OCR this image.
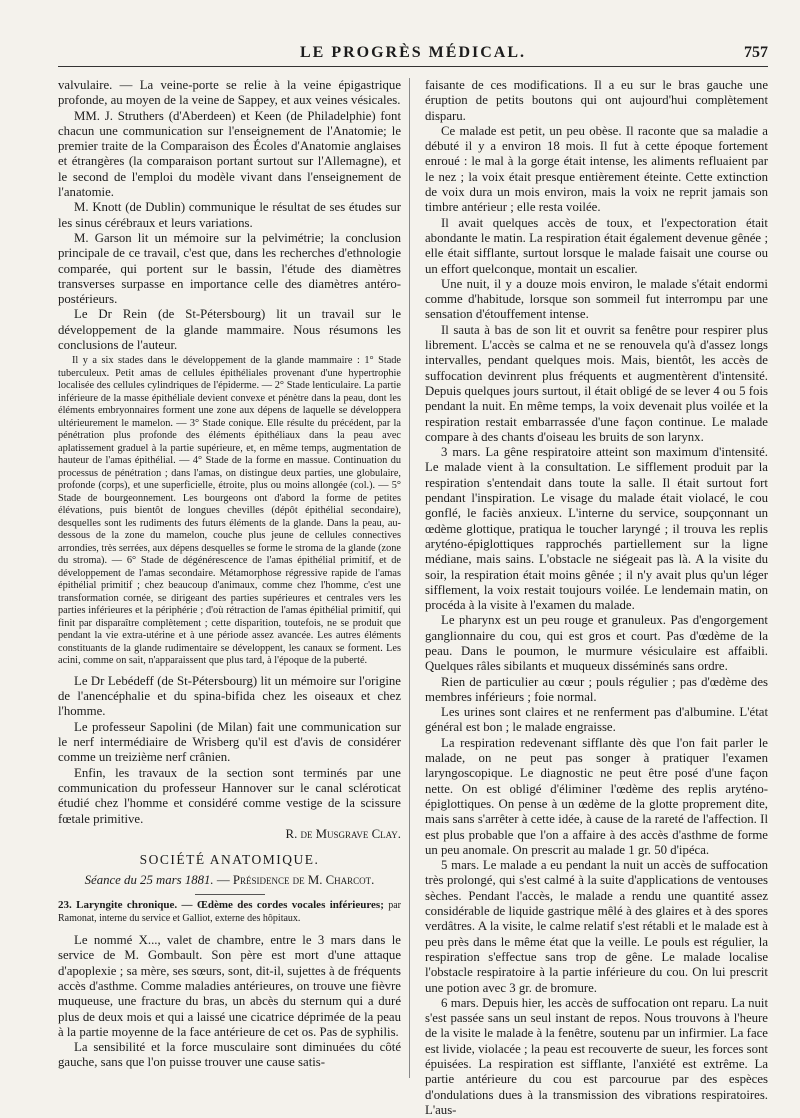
LE PROGRÈS MÉDICAL.	757

valvulaire. — La veine-porte se relie à la veine épigastrique profonde, au moyen de la veine de Sappey, et aux veines vésicales.

MM. J. Struthers (d'Aberdeen) et Keen (de Philadelphie) font chacun une communication sur l'enseignement de l'Anatomie; le premier traite de la Comparaison des Écoles d'Anatomie anglaises et étrangères (la comparaison portant surtout sur l'Allemagne), et le second de l'emploi du modèle vivant dans l'enseignement de l'anatomie.

M. Knott (de Dublin) communique le résultat de ses études sur les sinus cérébraux et leurs variations.

M. Garson lit un mémoire sur la pelvimétrie; la conclusion principale de ce travail, c'est que, dans les recherches d'ethnologie comparée, qui portent sur le bassin, l'étude des diamètres transverses surpasse en importance celle des diamètres antéro-postérieurs.

Le Dr Rein (de St-Pétersbourg) lit un travail sur le développement de la glande mammaire. Nous résumons les conclusions de l'auteur.

Il y a six stades dans le développement de la glande mammaire : 1° Stade tuberculeux. Petit amas de cellules épithéliales provenant d'une hypertrophie localisée des cellules cylindriques de l'épiderme. — 2° Stade lenticulaire. La partie inférieure de la masse épithéliale devient convexe et pénètre dans la peau, dont les éléments embryonnaires forment une zone aux dépens de laquelle se développera ultérieurement le mamelon. — 3° Stade conique. Elle résulte du précédent, par la pénétration plus profonde des éléments épithéliaux dans la peau avec aplatissement graduel à la partie supérieure, et, en même temps, augmentation de hauteur de l'amas épithélial. — 4° Stade de la forme en massue. Continuation du processus de pénétration ; dans l'amas, on distingue deux parties, une globulaire, profonde (corps), et une superficielle, étroite, plus ou moins allongée (col.). — 5° Stade de bourgeonnement. Les bourgeons ont d'abord la forme de petites élévations, puis bientôt de longues chevilles (dépôt épithélial secondaire), desquelles sont les rudiments des futurs éléments de la glande. Dans la peau, au-dessous de la zone du mamelon, couche plus jeune de cellules connectives arrondies, très serrées, aux dépens desquelles se forme le stroma de la glande (zone du stroma). — 6° Stade de dégénérescence de l'amas épithélial primitif, et de développement de l'amas secondaire. Métamorphose régressive rapide de l'amas épithélial primitif ; chez beaucoup d'animaux, comme chez l'homme, c'est une transformation cornée, se dirigeant des parties supérieures et centrales vers les parties inférieures et la périphérie ; d'où rétraction de l'amas épithélial primitif, qui finit par disparaître complètement ; cette disparition, toutefois, ne se produit que pendant la vie extra-utérine et à une période assez avancée. Les autres éléments constituants de la glande rudimentaire se développent, les canaux se forment. Les acini, comme on sait, n'apparaissent que plus tard, à l'époque de la puberté.

Le Dr Lebédeff (de St-Pétersbourg) lit un mémoire sur l'origine de l'anencéphalie et du spina-bifida chez les oiseaux et chez l'homme.

Le professeur Sapolini (de Milan) fait une communication sur le nerf intermédiaire de Wrisberg qu'il est d'avis de considérer comme un treizième nerf crânien.

Enfin, les travaux de la section sont terminés par une communication du professeur Hannover sur le canal scléroticat étudié chez l'homme et considéré comme vestige de la scissure fœtale primitive.
R. de Musgrave Clay.

SOCIÉTÉ ANATOMIQUE.
Séance du 25 mars 1881. — Présidence de M. Charcot.
23. Laryngite chronique. — Œdème des cordes vocales inférieures; par Ramonat, interne du service et Galliot, externe des hôpitaux.

Le nommé X..., valet de chambre, entre le 3 mars dans le service de M. Gombault. Son père est mort d'une attaque d'apoplexie ; sa mère, ses sœurs, sont, dit-il, sujettes à de fréquents accès d'asthme. Comme maladies antérieures, on trouve une fièvre muqueuse, une fracture du bras, un abcès du sternum qui a duré plus de deux mois et qui a laissé une cicatrice déprimée de la peau à la partie moyenne de la face antérieure de cet os. Pas de syphilis.

La sensibilité et la force musculaire sont diminuées du côté gauche, sans que l'on puisse trouver une cause satis-

faisante de ces modifications. Il a eu sur le bras gauche une éruption de petits boutons qui ont aujourd'hui complètement disparu.

Ce malade est petit, un peu obèse. Il raconte que sa maladie a débuté il y a environ 18 mois. Il fut à cette époque fortement enroué : le mal à la gorge était intense, les aliments refluaient par le nez ; la voix était presque entièrement éteinte. Cette extinction de voix dura un mois environ, mais la voix ne reprit jamais son timbre antérieur ; elle resta voilée.

Il avait quelques accès de toux, et l'expectoration était abondante le matin. La respiration était également devenue gênée ; elle était sifflante, surtout lorsque le malade faisait une course ou un effort quelconque, montait un escalier.

Une nuit, il y a douze mois environ, le malade s'était endormi comme d'habitude, lorsque son sommeil fut interrompu par une sensation d'étouffement intense.

Il sauta à bas de son lit et ouvrit sa fenêtre pour respirer plus librement. L'accès se calma et ne se renouvela qu'à d'assez longs intervalles, pendant quelques mois. Mais, bientôt, les accès de suffocation devinrent plus fréquents et augmentèrent d'intensité. Depuis quelques jours surtout, il était obligé de se lever 4 ou 5 fois pendant la nuit. En même temps, la voix devenait plus voilée et la respiration restait embarrassée d'une façon continue. Le malade compare à des chants d'oiseau les bruits de son larynx.

3 mars. La gêne respiratoire atteint son maximum d'intensité. Le malade vient à la consultation. Le sifflement produit par la respiration s'entendait dans toute la salle. Il était surtout fort pendant l'inspiration. Le visage du malade était violacé, le cou gonflé, le faciès anxieux. L'interne du service, soupçonnant un œdème glottique, pratiqua le toucher laryngé ; il trouva les replis aryténo-épiglottiques rapprochés partiellement sur la ligne médiane, mais sains. L'obstacle ne siégeait pas là. A la visite du soir, la respiration était moins gênée ; il n'y avait plus qu'un léger sifflement, la voix restait toujours voilée. Le lendemain matin, on procéda à la visite à l'examen du malade.

Le pharynx est un peu rouge et granuleux. Pas d'engorgement ganglionnaire du cou, qui est gros et court. Pas d'œdème de la peau. Dans le poumon, le murmure vésiculaire est affaibli. Quelques râles sibilants et muqueux disséminés sans ordre.

Rien de particulier au cœur ; pouls régulier ; pas d'œdème des membres inférieurs ; foie normal.

Les urines sont claires et ne renferment pas d'albumine. L'état général est bon ; le malade engraisse.

La respiration redevenant sifflante dès que l'on fait parler le malade, on ne peut pas songer à pratiquer l'examen laryngoscopique. Le diagnostic ne peut être posé d'une façon nette. On est obligé d'éliminer l'œdème des replis aryténo-épiglottiques. On pense à un œdème de la glotte proprement dite, mais sans s'arrêter à cette idée, à cause de la rareté de l'affection. Il est plus probable que l'on a affaire à des accès d'asthme de forme un peu anomale. On prescrit au malade 1 gr. 50 d'ipéca.

5 mars. Le malade a eu pendant la nuit un accès de suffocation très prolongé, qui s'est calmé à la suite d'applications de ventouses sèches. Pendant l'accès, le malade a rendu une quantité assez considérable de liquide gastrique mêlé à des glaires et à des spores verdâtres. A la visite, le calme relatif s'est rétabli et le malade est à peu près dans le même état que la veille. Le pouls est régulier, la respiration s'effectue sans trop de gêne. Le malade localise l'obstacle respiratoire à la partie inférieure du cou. On lui prescrit une potion avec 3 gr. de bromure.

6 mars. Depuis hier, les accès de suffocation ont reparu. La nuit s'est passée sans un seul instant de repos. Nous trouvons à l'heure de la visite le malade à la fenêtre, soutenu par un infirmier. La face est livide, violacée ; la peau est recouverte de sueur, les forces sont épuisées. La respiration est sifflante, l'anxiété est extrême. La partie antérieure du cou est parcourue par des espèces d'ondulations dues à la transmission des vibrations respiratoires. L'aus-
